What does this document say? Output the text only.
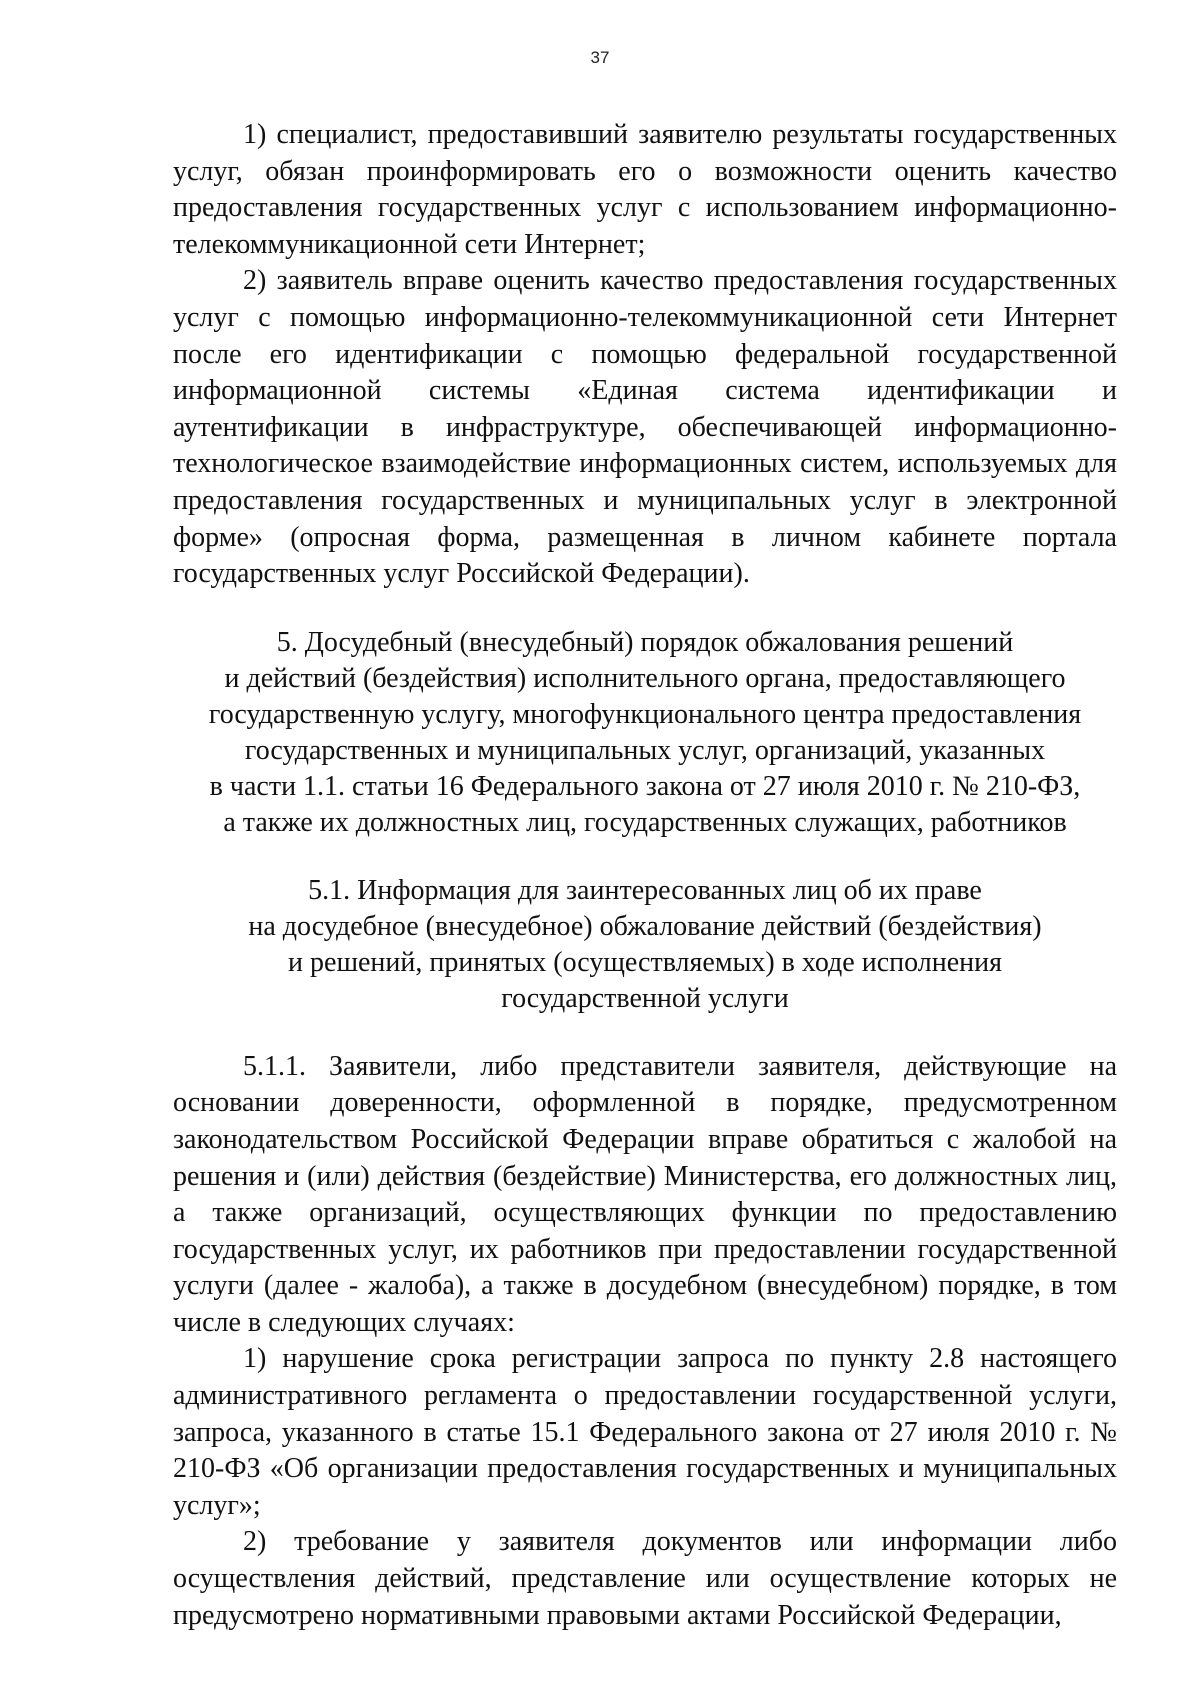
37

1) специалист, предоставивший заявителю результаты государственных услуг, обязан проинформировать его о возможности оценить качество предоставления государственных услуг с использованием информационно-телекоммуникационной сети Интернет;

2) заявитель вправе оценить качество предоставления государственных услуг с помощью информационно-телекоммуникационной сети Интернет после его идентификации с помощью федеральной государственной информационной системы «Единая система идентификации и аутентификации в инфраструктуре, обеспечивающей информационно-технологическое взаимодействие информационных систем, используемых для предоставления государственных и муниципальных услуг в электронной форме» (опросная форма, размещенная в личном кабинете портала государственных услуг Российской Федерации).

5. Досудебный (внесудебный) порядок обжалования решений
и действий (бездействия) исполнительного органа, предоставляющего
государственную услугу, многофункционального центра предоставления
государственных и муниципальных услуг, организаций, указанных
в части 1.1. статьи 16 Федерального закона от 27 июля 2010 г. № 210-ФЗ,
а также их должностных лиц, государственных служащих, работников
5.1. Информация для заинтересованных лиц об их праве
на досудебное (внесудебное) обжалование действий (бездействия)
и решений, принятых (осуществляемых) в ходе исполнения
государственной услуги

5.1.1. Заявители, либо представители заявителя, действующие на основании доверенности, оформленной в порядке, предусмотренном законодательством Российской Федерации вправе обратиться с жалобой на решения и (или) действия (бездействие) Министерства, его должностных лиц, а также организаций, осуществляющих функции по предоставлению государственных услуг, их работников при предоставлении государственной услуги (далее - жалоба), а также в досудебном (внесудебном) порядке, в том числе в следующих случаях:

1) нарушение срока регистрации запроса по пункту 2.8 настоящего административного регламента о предоставлении государственной услуги, запроса, указанного в статье 15.1 Федерального закона от 27 июля 2010 г. № 210-ФЗ «Об организации предоставления государственных и муниципальных услуг»;

2) требование у заявителя документов или информации либо осуществления действий, представление или осуществление которых не предусмотрено нормативными правовыми актами Российской Федерации,
